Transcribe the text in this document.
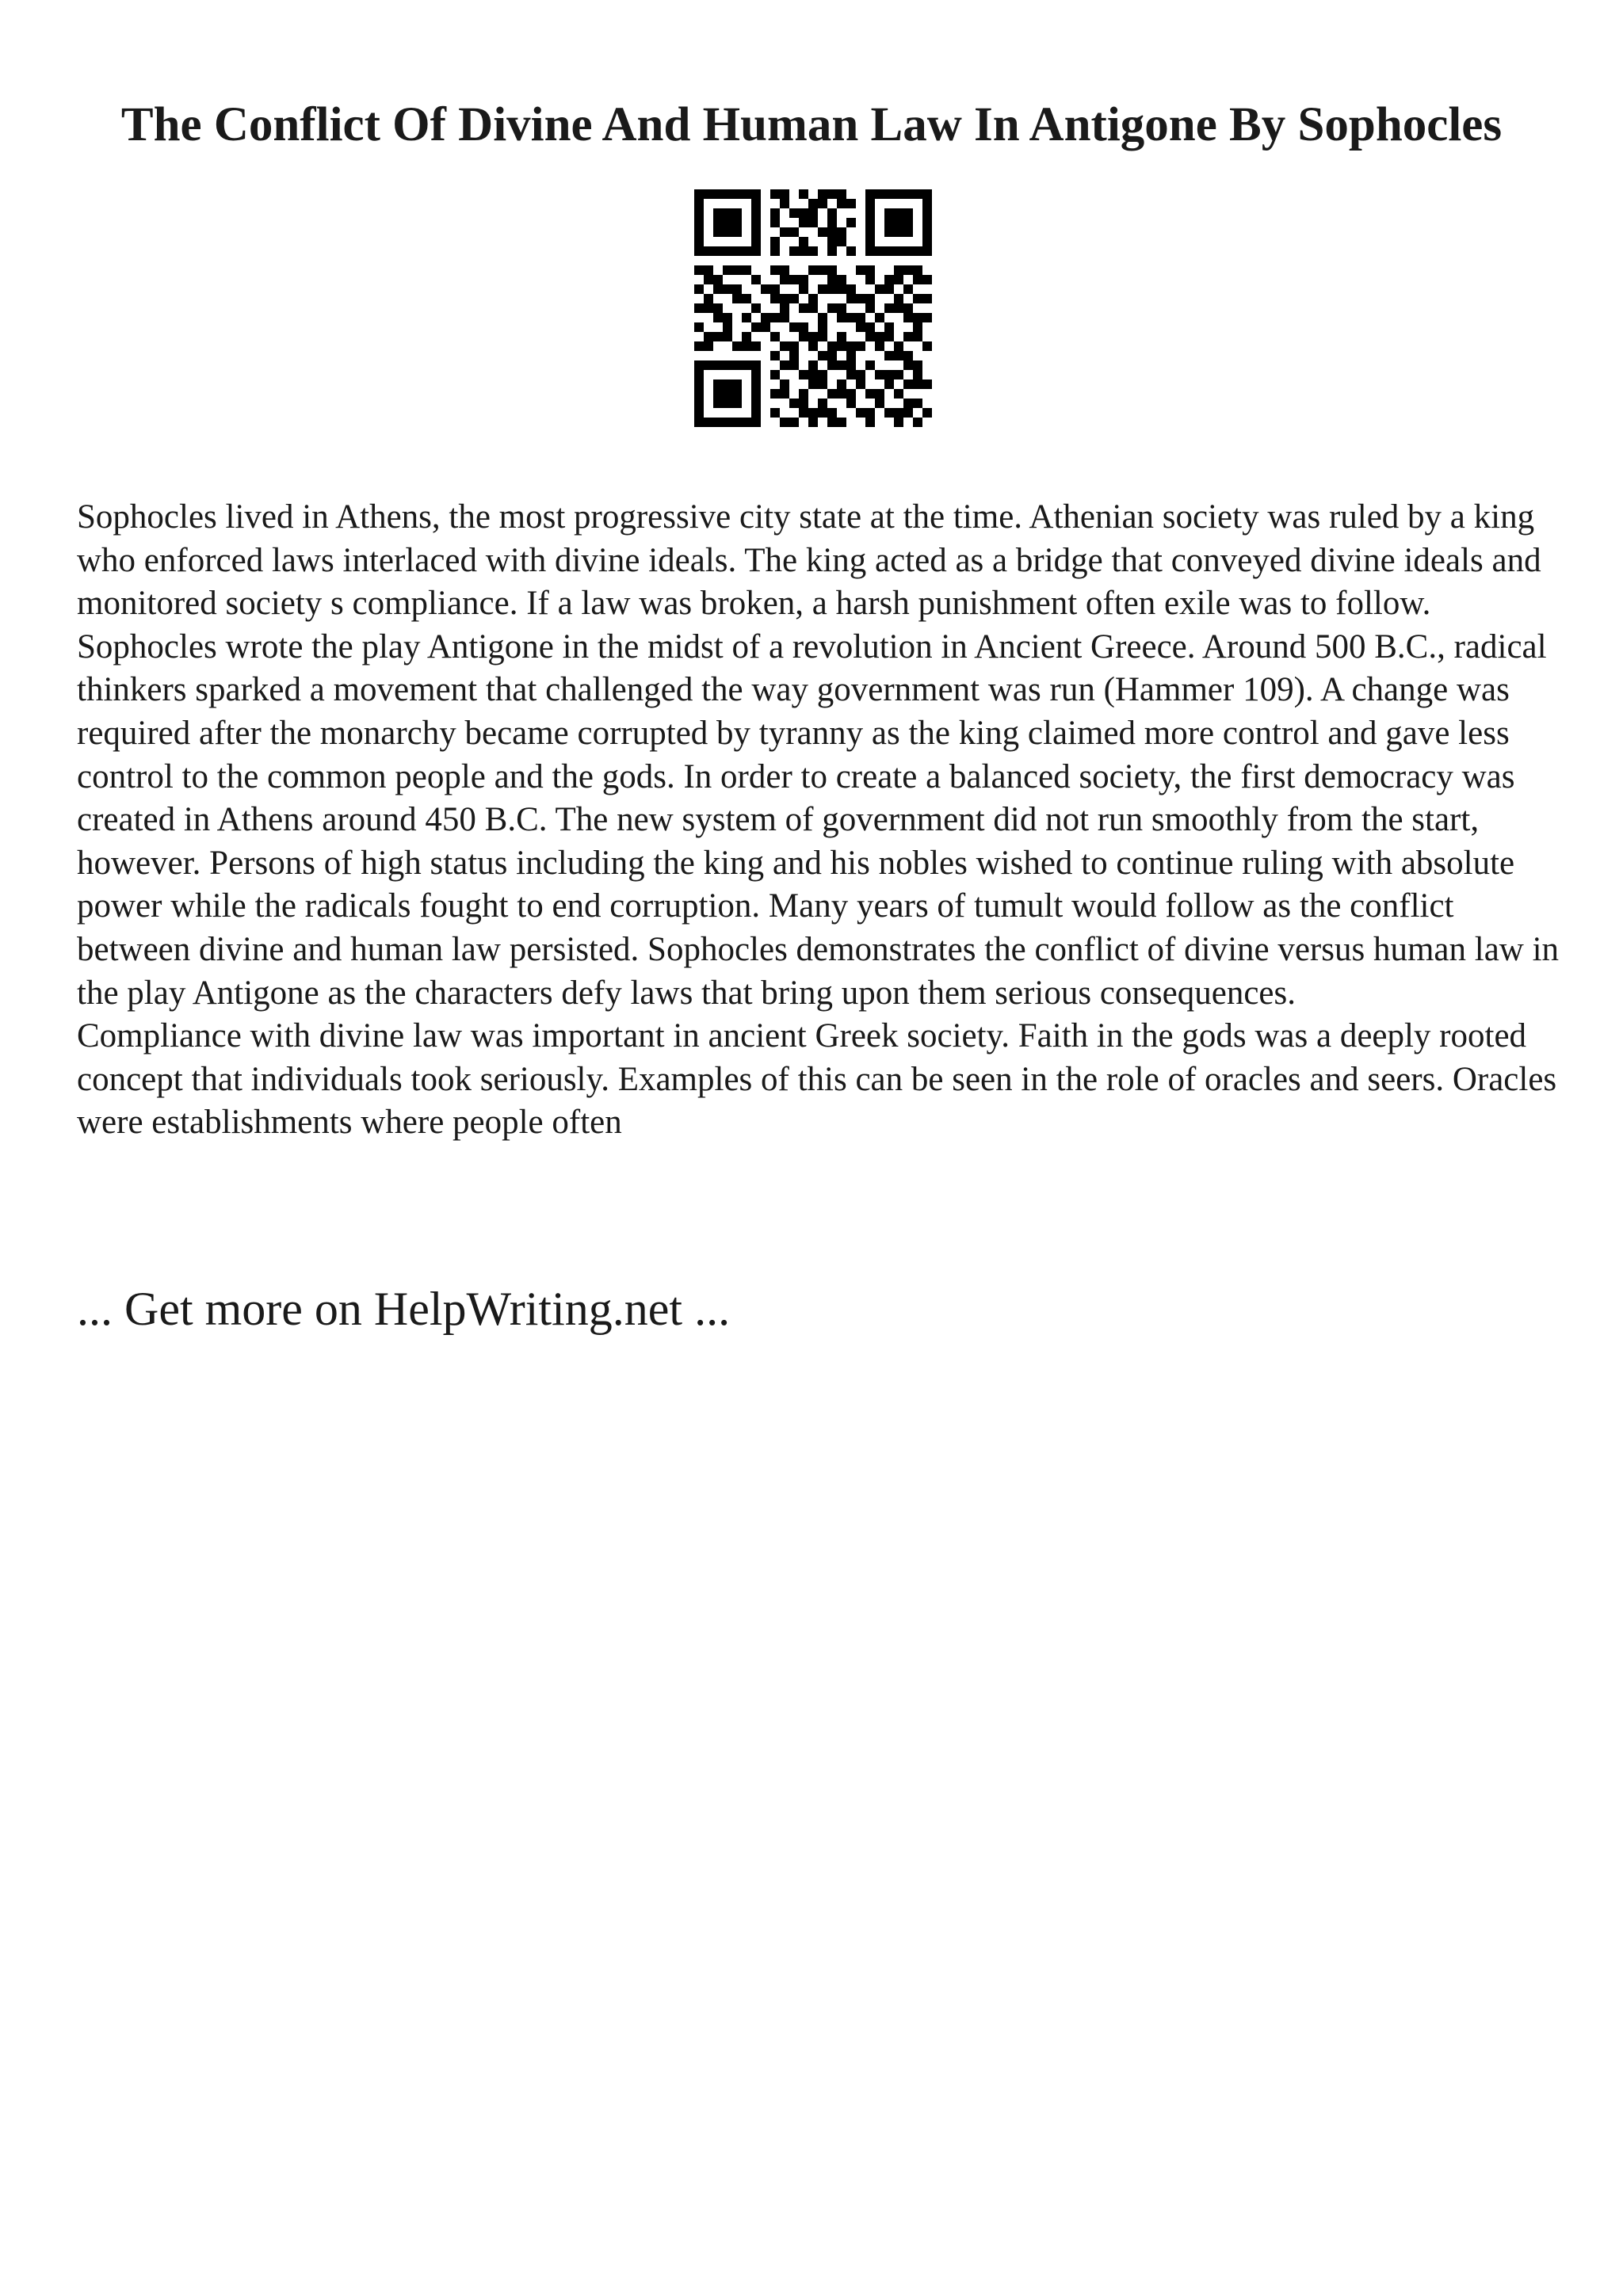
The Conflict Of Divine And Human Law In Antigone By Sophocles

Sophocles lived in Athens, the most progressive city state at the time. Athenian society was ruled by a king who enforced laws interlaced with divine ideals. The king acted as a bridge that conveyed divine ideals and monitored society s compliance. If a law was broken, a harsh punishment often exile was to follow. Sophocles wrote the play Antigone in the midst of a revolution in Ancient Greece. Around 500 B.C., radical thinkers sparked a movement that challenged the way government was run (Hammer 109). A change was required after the monarchy became corrupted by tyranny as the king claimed more control and gave less control to the common people and the gods. In order to create a balanced society, the first democracy was created in Athens around 450 B.C. The new system of government did not run smoothly from the start, however. Persons of high status including the king and his nobles wished to continue ruling with absolute power while the radicals fought to end corruption. Many years of tumult would follow as the conflict between divine and human law persisted. Sophocles demonstrates the conflict of divine versus human law in the play Antigone as the characters defy laws that bring upon them serious consequences.

Compliance with divine law was important in ancient Greek society. Faith in the gods was a deeply rooted concept that individuals took seriously. Examples of this can be seen in the role of oracles and seers. Oracles were establishments where people often

... Get more on HelpWriting.net ...
